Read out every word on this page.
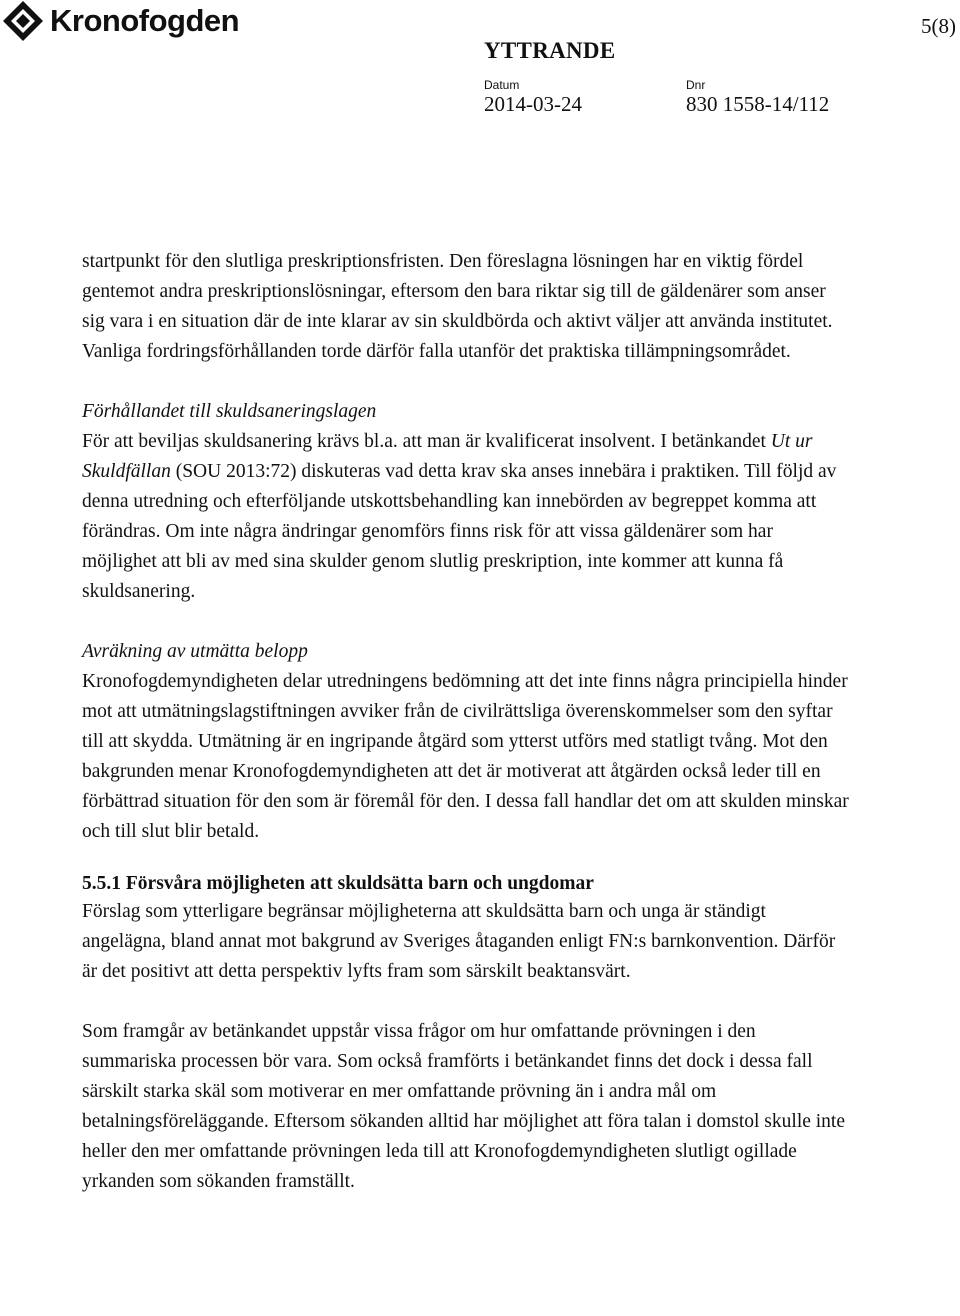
Kronofogden	5(8)
YTTRANDE
Datum
2014-03-24
Dnr
830 1558-14/112

startpunkt för den slutliga preskriptionsfristen. Den föreslagna lösningen har en viktig fördel gentemot andra preskriptionslösningar, eftersom den bara riktar sig till de gäldenärer som anser sig vara i en situation där de inte klarar av sin skuldbörda och aktivt väljer att använda institutet. Vanliga fordringsförhållanden torde därför falla utanför det praktiska tillämpningsområdet.

Förhållandet till skuldsaneringslagen

För att beviljas skuldsanering krävs bl.a. att man är kvalificerat insolvent. I betänkandet Ut ur Skuldfällan (SOU 2013:72) diskuteras vad detta krav ska anses innebära i praktiken. Till följd av denna utredning och efterföljande utskottsbehandling kan innebörden av begreppet komma att förändras. Om inte några ändringar genomförs finns risk för att vissa gäldenärer som har möjlighet att bli av med sina skulder genom slutlig preskription, inte kommer att kunna få skuldsanering.

Avräkning av utmätta belopp

Kronofogdemyndigheten delar utredningens bedömning att det inte finns några principiella hinder mot att utmätningslagstiftningen avviker från de civilrättsliga överenskommelser som den syftar till att skydda. Utmätning är en ingripande åtgärd som ytterst utförs med statligt tvång. Mot den bakgrunden menar Kronofogdemyndigheten att det är motiverat att åtgärden också leder till en förbättrad situation för den som är föremål för den. I dessa fall handlar det om att skulden minskar och till slut blir betald.

5.5.1 Försvåra möjligheten att skuldsätta barn och ungdomar

Förslag som ytterligare begränsar möjligheterna att skuldsätta barn och unga är ständigt angelägna, bland annat mot bakgrund av Sveriges åtaganden enligt FN:s barnkonvention. Därför är det positivt att detta perspektiv lyfts fram som särskilt beaktansvärt.

Som framgår av betänkandet uppstår vissa frågor om hur omfattande prövningen i den summariska processen bör vara. Som också framförts i betänkandet finns det dock i dessa fall särskilt starka skäl som motiverar en mer omfattande prövning än i andra mål om betalningsföreläggande. Eftersom sökanden alltid har möjlighet att föra talan i domstol skulle inte heller den mer omfattande prövningen leda till att Kronofogdemyndigheten slutligt ogillade yrkanden som sökanden framställt.
